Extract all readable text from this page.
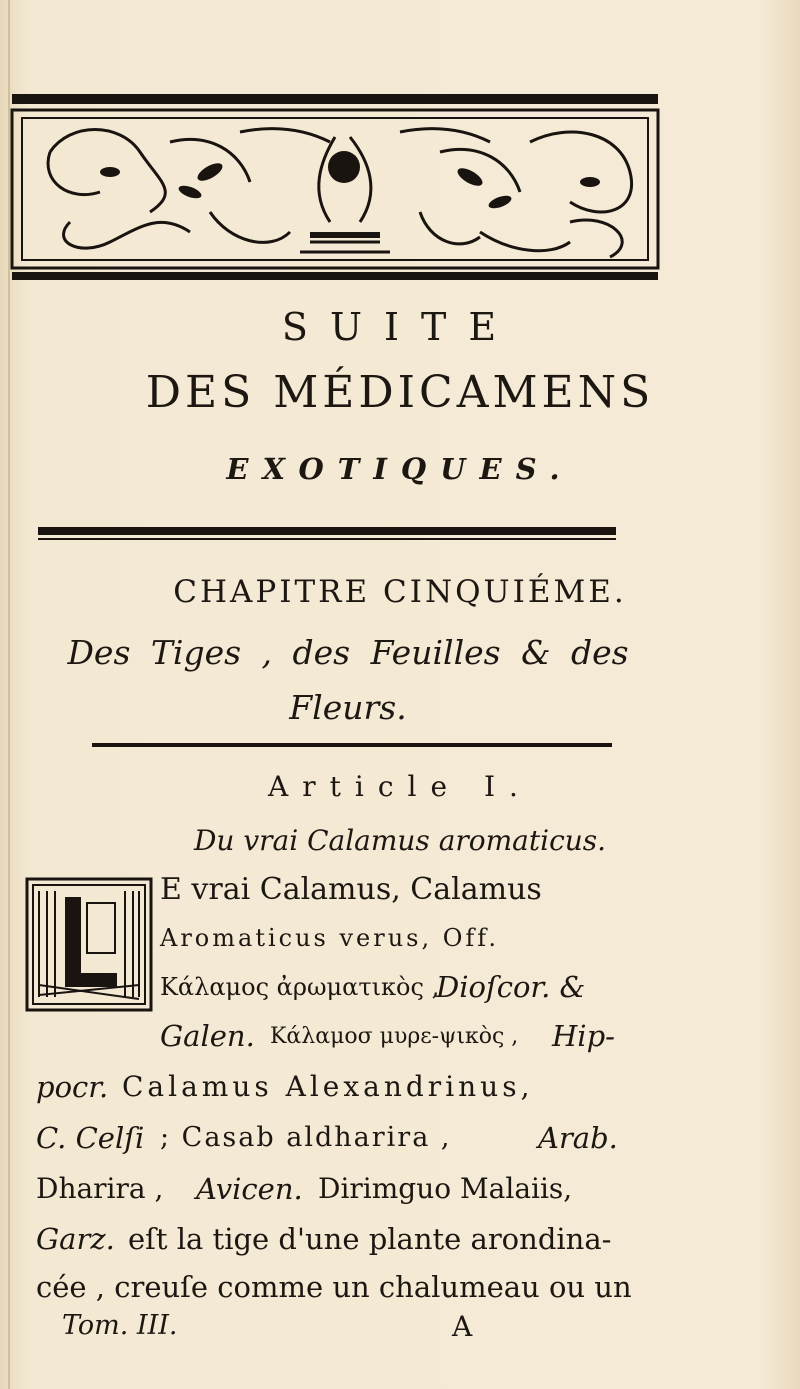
SUITE
DES MÉDICAMENS
EXOTIQUES.
CHAPITRE CINQUIÉME.
Des Tiges , des Feuilles & des
Fleurs.
Article I.
Du vrai Calamus aromaticus.
E vrai Calamus, Calamus
Aromaticus verus, Off.
Κάλαμος ἀρωματικὸς ,
Dioſcor. &
Galen. Κάλαμοσ μυρε-ψικὸς , Hip-
pocr. Calamus Alexandrinus,
C. Celſi ; Casab aldharira ,	Arab.
Dharira , Avicen. Dirimguo Malaiis,
Garz. eſt la tige d'une plante arondina-
cée , creuſe comme un chalumeau ou un
Tom. III.	A
